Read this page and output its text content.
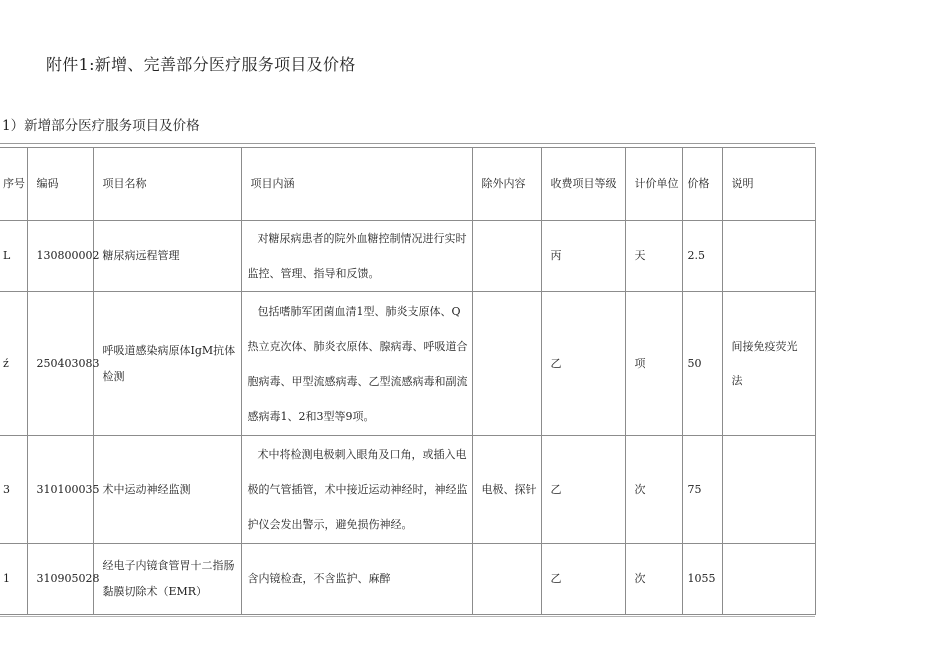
附件1:新增、完善部分医疗服务项目及价格
1）新增部分医疗服务项目及价格
序号	编码	项目名称	项目内涵	除外内容	收费项目等级	计价单位	价格	说明
L	130800002	糖尿病远程管理	对糖尿病患者的院外血糖控制情况进行实时监控、管理、指导和反馈。		丙	天	2.5	
ź	250403083	呼吸道感染病原体IgM抗体检测	包括嗜肺军团菌血清1型、肺炎支原体、Q热立克次体、肺炎衣原体、腺病毒、呼吸道合胞病毒、甲型流感病毒、乙型流感病毒和副流感病毒1、2和3型等9项。		乙	项	50	间接免疫荧光法
3	310100035	术中运动神经监测	术中将检测电极刺入眼角及口角，或插入电极的气管插管，术中接近运动神经时，神经监护仪会发出警示，避免损伤神经。	电极、探针	乙	次	75	
1	310905028	经电子内镜食管胃十二指肠黏膜切除术（EMR）	含内镜检查，不含监护、麻醉		乙	次	1055	
